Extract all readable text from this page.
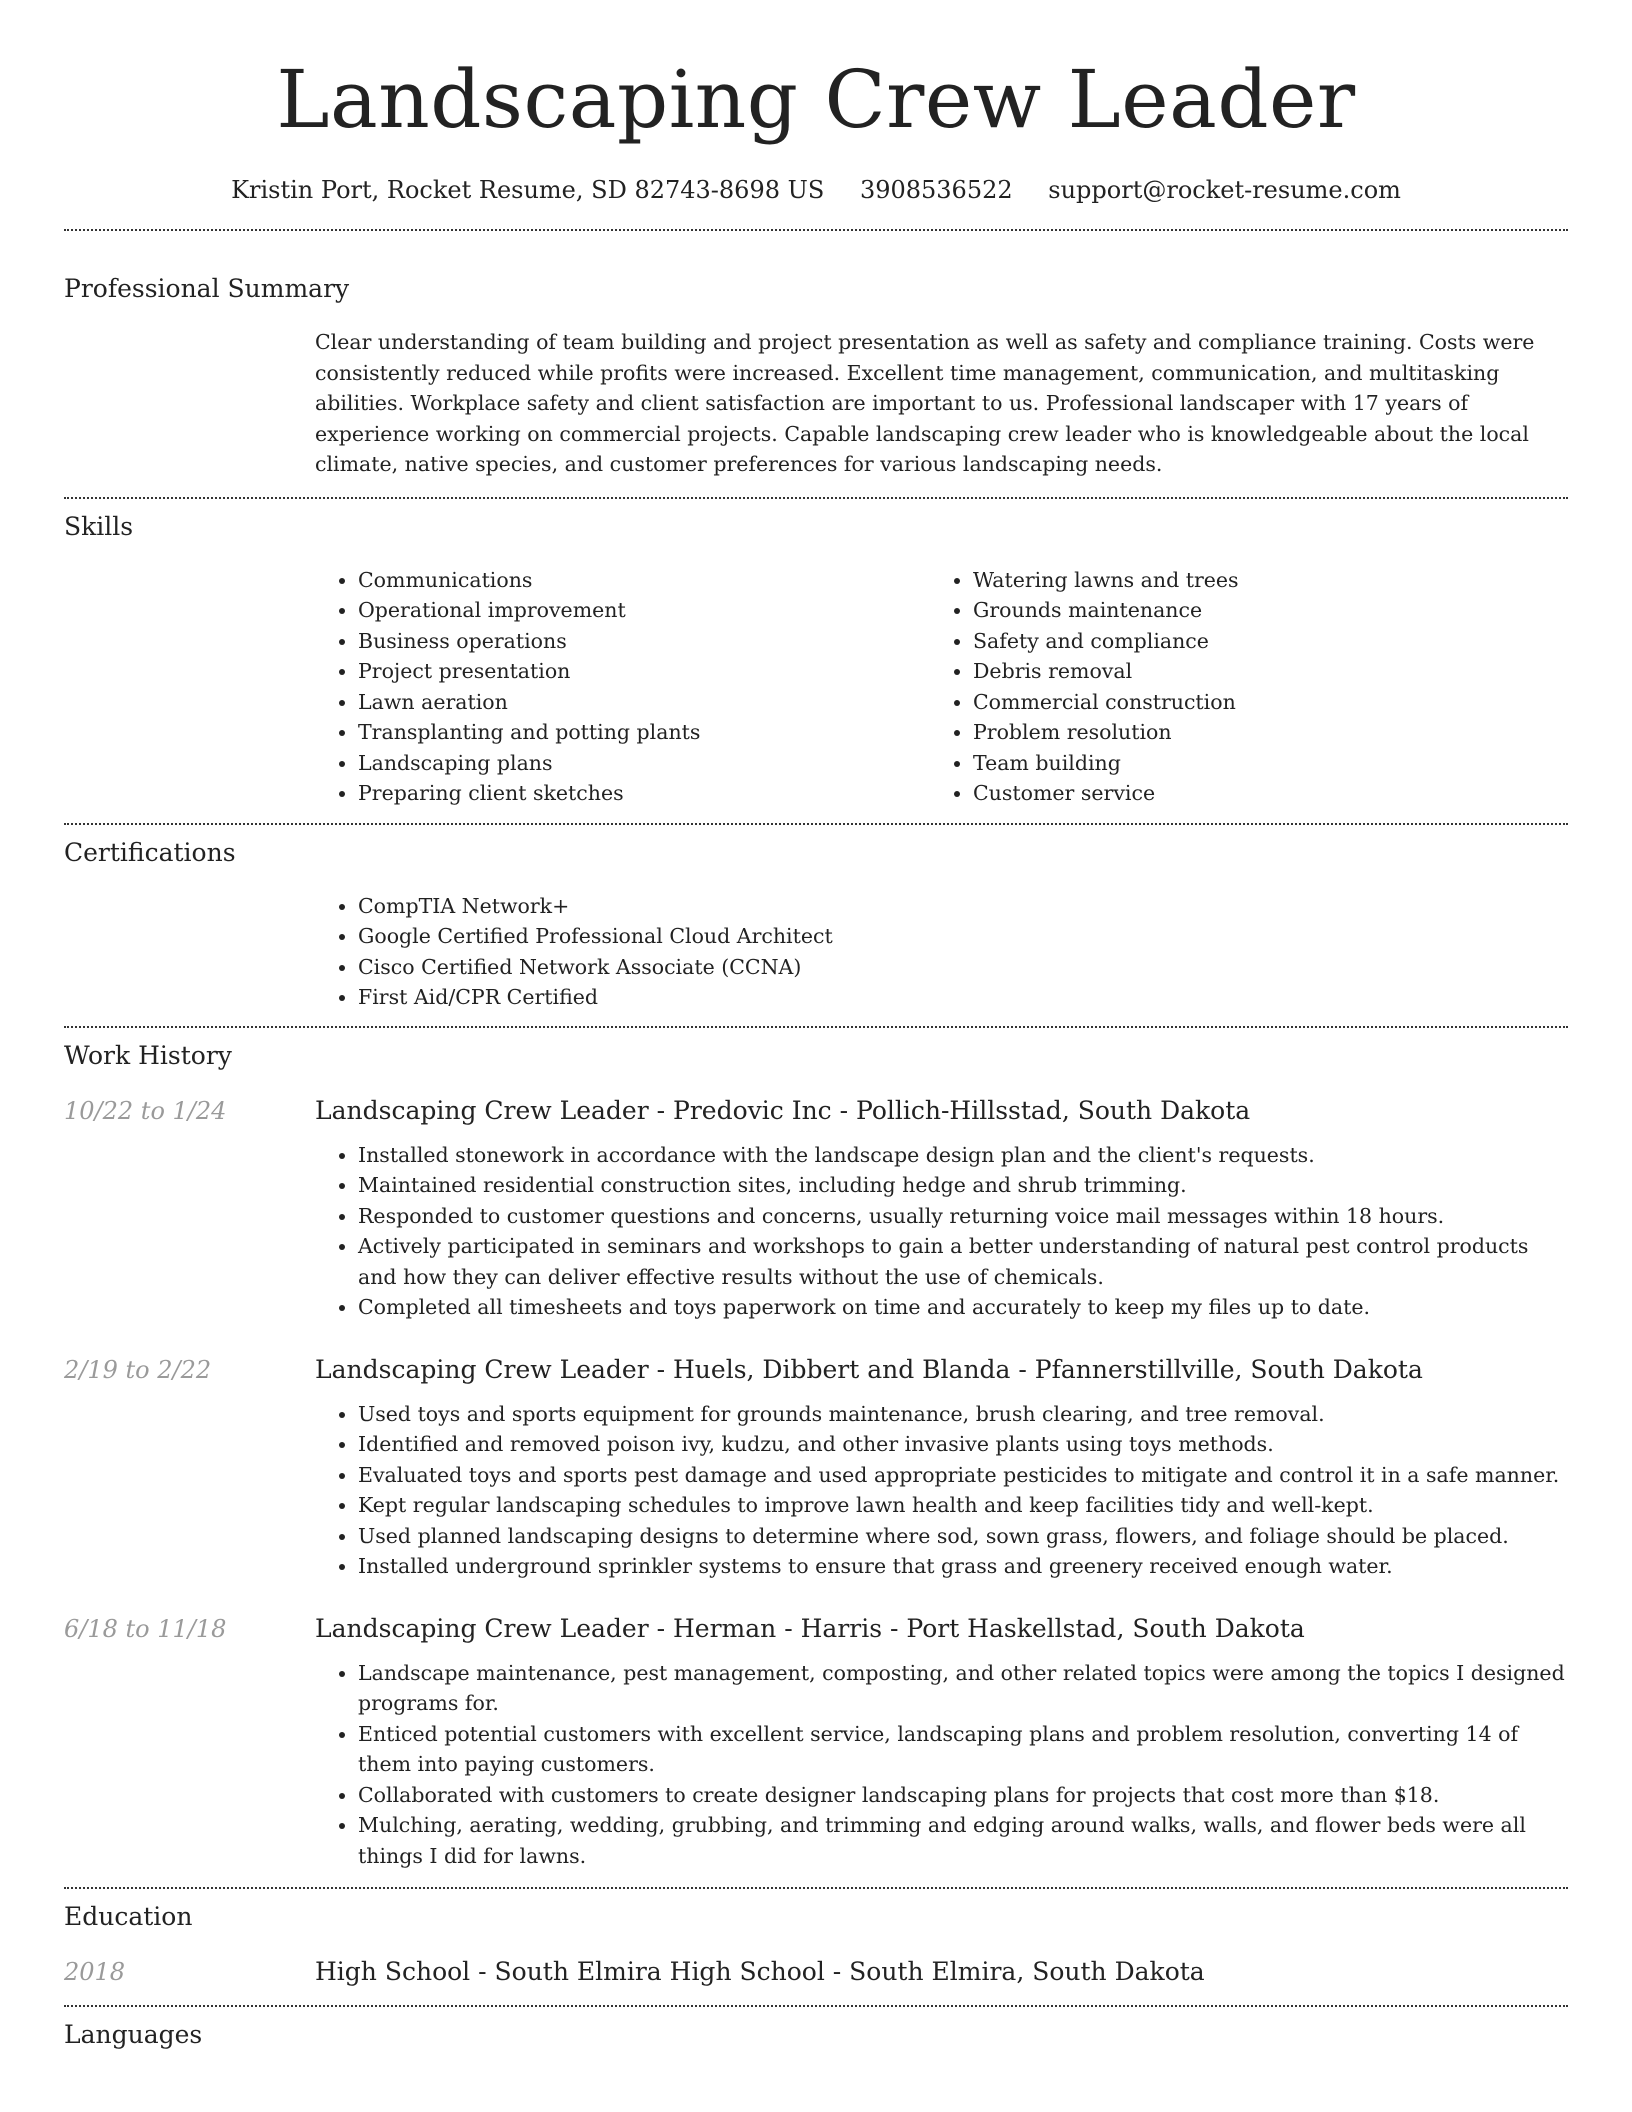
Landscaping Crew Leader
Kristin Port, Rocket Resume, SD 82743-8698 US 3908536522 support@rocket-resume.com
Professional Summary

Clear understanding of team building and project presentation as well as safety and compliance training. Costs were consistently reduced while profits were increased. Excellent time management, communication, and multitasking abilities. Workplace safety and client satisfaction are important to us. Professional landscaper with 17 years of experience working on commercial projects. Capable landscaping crew leader who is knowledgeable about the local climate, native species, and customer preferences for various landscaping needs.

Skills
• Communications
• Operational improvement
• Business operations
• Project presentation
• Lawn aeration
• Transplanting and potting plants
• Landscaping plans
• Preparing client sketches
• Watering lawns and trees
• Grounds maintenance
• Safety and compliance
• Debris removal
• Commercial construction
• Problem resolution
• Team building
• Customer service
Certifications
• CompTIA Network+
• Google Certified Professional Cloud Architect
• Cisco Certified Network Associate (CCNA)
• First Aid/CPR Certified
Work History
10/22 to 1/24	Landscaping Crew Leader - Predovic Inc - Pollich-Hillsstad, South Dakota
• Installed stonework in accordance with the landscape design plan and the client's requests.
• Maintained residential construction sites, including hedge and shrub trimming.
• Responded to customer questions and concerns, usually returning voice mail messages within 18 hours.
• Actively participated in seminars and workshops to gain a better understanding of natural pest control products and how they can deliver effective results without the use of chemicals.
• Completed all timesheets and toys paperwork on time and accurately to keep my files up to date.
2/19 to 2/22	Landscaping Crew Leader - Huels, Dibbert and Blanda - Pfannerstillville, South Dakota
• Used toys and sports equipment for grounds maintenance, brush clearing, and tree removal.
• Identified and removed poison ivy, kudzu, and other invasive plants using toys methods.
• Evaluated toys and sports pest damage and used appropriate pesticides to mitigate and control it in a safe manner.
• Kept regular landscaping schedules to improve lawn health and keep facilities tidy and well-kept.
• Used planned landscaping designs to determine where sod, sown grass, flowers, and foliage should be placed.
• Installed underground sprinkler systems to ensure that grass and greenery received enough water.
6/18 to 11/18	Landscaping Crew Leader - Herman - Harris - Port Haskellstad, South Dakota
• Landscape maintenance, pest management, composting, and other related topics were among the topics I designed programs for.
• Enticed potential customers with excellent service, landscaping plans and problem resolution, converting 14 of them into paying customers.
• Collaborated with customers to create designer landscaping plans for projects that cost more than $18.
• Mulching, aerating, wedding, grubbing, and trimming and edging around walks, walls, and flower beds were all things I did for lawns.
Education
2018	High School - South Elmira High School - South Elmira, South Dakota
Languages
